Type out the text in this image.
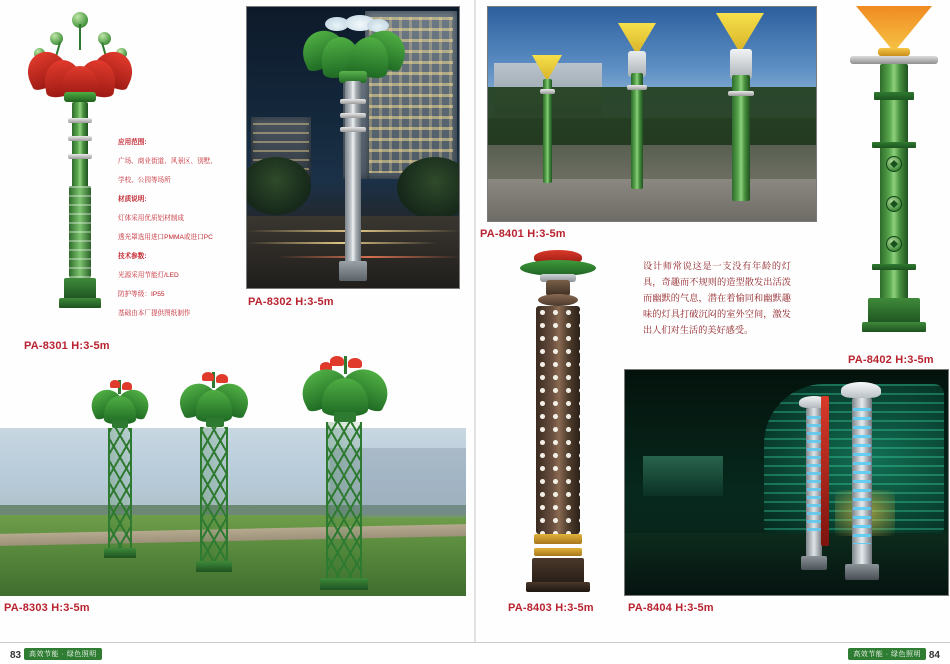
PA-8301 H:3-5m

应用范围:

广场、商业街道、风景区、别墅、

学校、公园等场所

材质说明:

灯体采用优质铝材制成

透光罩选用进口PMMA或进口PC

技术参数:

光源采用节能灯/LED

防护等级：IP55

基础由本厂提供图纸制作

PA-8302 H:3-5m
PA-8303 H:3-5m
PA-8401 H:3-5m
PA-8402 H:3-5m
设计师常说这是一支没有年龄的灯具，奇趣而不规则的造型散发出活泼而幽默的气息，潜在着愉同和幽默趣味的灯具打破沉闷的室外空间，激发出人们对生活的美好感受。
PA-8403 H:3-5m	PA-8404 H:3-5m
83	高效节能 · 绿色照明	高效节能 · 绿色照明 84
